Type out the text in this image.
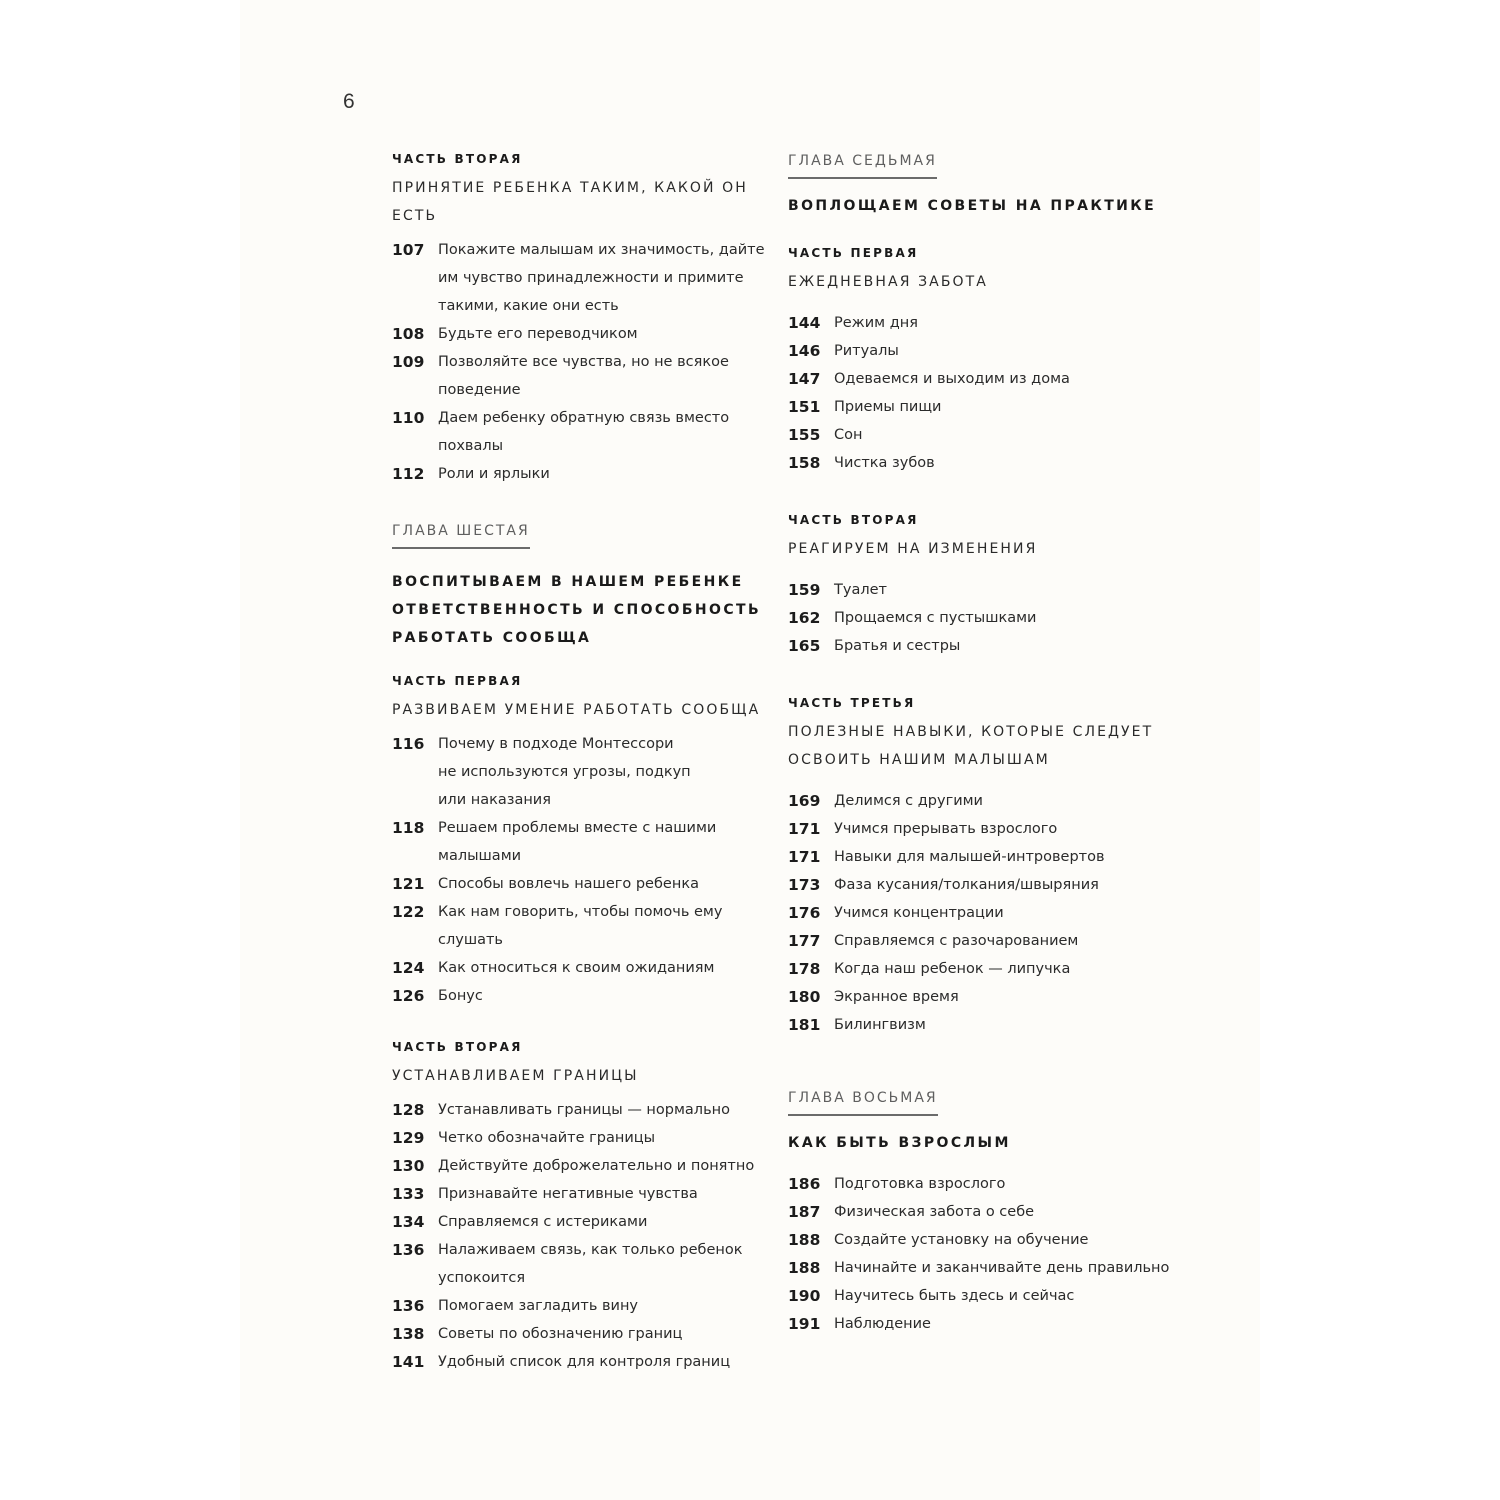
6
ЧАСТЬ ВТОРАЯ
ПРИНЯТИЕ РЕБЕНКА ТАКИМ, КАКОЙ ОН ЕСТЬ
107 Покажите малышам их значимость, дайте
им чувство принадлежности и примите
такими, какие они есть
108 Будьте его переводчиком
109 Позволяйте все чувства, но не всякое
поведение
110 Даем ребенку обратную связь вместо
похвалы
112 Роли и ярлыки
ГЛАВА ШЕСТАЯ
ВОСПИТЫВАЕМ В НАШЕМ РЕБЕНКЕ
ОТВЕТСТВЕННОСТЬ И СПОСОБНОСТЬ
РАБОТАТЬ СООБЩА
ЧАСТЬ ПЕРВАЯ
РАЗВИВАЕМ УМЕНИЕ РАБОТАТЬ СООБЩА
116 Почему в подходе Монтессори
не используются угрозы, подкуп
или наказания
118 Решаем проблемы вместе с нашими
малышами
121 Способы вовлечь нашего ребенка
122 Как нам говорить, чтобы помочь ему
слушать
124 Как относиться к своим ожиданиям
126 Бонус
ЧАСТЬ ВТОРАЯ
УСТАНАВЛИВАЕМ ГРАНИЦЫ
128 Устанавливать границы — нормально
129 Четко обозначайте границы
130 Действуйте доброжелательно и понятно
133 Признавайте негативные чувства
134 Справляемся с истериками
136 Налаживаем связь, как только ребенок
успокоится
136 Помогаем загладить вину
138 Советы по обозначению границ
141 Удобный список для контроля границ
ГЛАВА СЕДЬМАЯ
ВОПЛОЩАЕМ СОВЕТЫ НА ПРАКТИКЕ
ЧАСТЬ ПЕРВАЯ
ЕЖЕДНЕВНАЯ ЗАБОТА
144 Режим дня
146 Ритуалы
147 Одеваемся и выходим из дома
151 Приемы пищи
155 Сон
158 Чистка зубов
ЧАСТЬ ВТОРАЯ
РЕАГИРУЕМ НА ИЗМЕНЕНИЯ
159 Туалет
162 Прощаемся с пустышками
165 Братья и сестры
ЧАСТЬ ТРЕТЬЯ
ПОЛЕЗНЫЕ НАВЫКИ, КОТОРЫЕ СЛЕДУЕТ
ОСВОИТЬ НАШИМ МАЛЫШАМ
169 Делимся с другими
171 Учимся прерывать взрослого
171 Навыки для малышей-интровертов
173 Фаза кусания/толкания/швыряния
176 Учимся концентрации
177 Справляемся с разочарованием
178 Когда наш ребенок — липучка
180 Экранное время
181 Билингвизм
ГЛАВА ВОСЬМАЯ
КАК БЫТЬ ВЗРОСЛЫМ
186 Подготовка взрослого
187 Физическая забота о себе
188 Создайте установку на обучение
188 Начинайте и заканчивайте день правильно
190 Научитесь быть здесь и сейчас
191 Наблюдение
